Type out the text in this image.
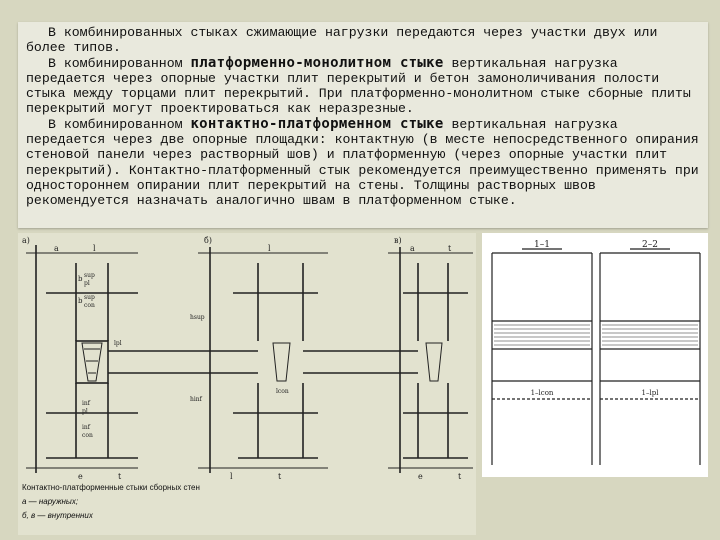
В комбинированных стыках сжимающие нагрузки передаются через участки двух или более типов.

В комбинированном платформенно-монолитном стыке вертикальная нагрузка передается через опорные участки плит перекрытий и бетон замоноличивания полости стыка между торцами плит перекрытий. При платформенно-монолитном стыке сборные плиты перекрытий могут проектироваться как неразрезные.

В комбинированном контактно-платформенном стыке вертикальная нагрузка передается через две опорные площадки: контактную (в месте непосредственного опирания стеновой панели через растворный шов) и платформенную (через опорные участки плит перекрытий). Контактно-платформенный стык рекомендуется преимущественно применять при одностороннем опирании плит перекрытий на стены. Толщины растворных швов рекомендуется назначать аналогично швам в платформенном стыке.

а)	б)	в)
a	l	l
e	t	t
a	t
l	e	t
b sup
pl
b sup
con
inf
pl
inf
con
lpl
lcon
hsup
hinf
Контактно-платформенные стыки сборных стен
а — наружных;
б, в — внутренних
1–1	2–2
1–lcon	1–lpl
